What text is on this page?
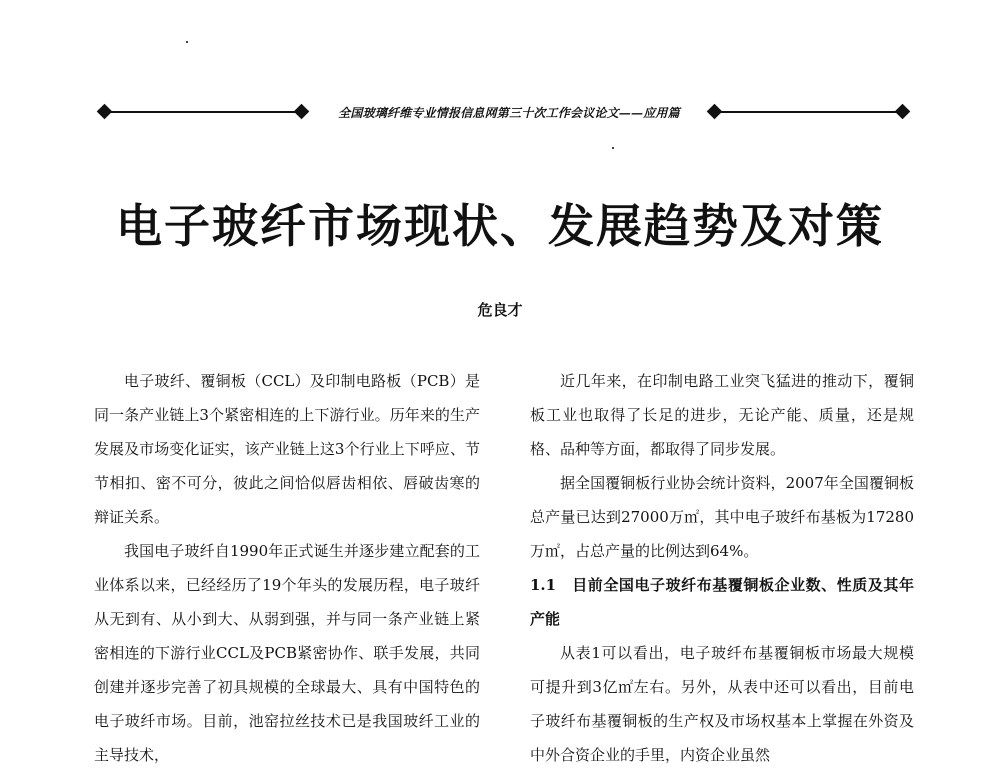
全国玻璃纤维专业情报信息网第三十次工作会议论文——应用篇
电子玻纤市场现状、发展趋势及对策
危良才

电子玻纤、覆铜板（CCL）及印制电路板（PCB）是同一条产业链上3个紧密相连的上下游行业。历年来的生产发展及市场变化证实，该产业链上这3个行业上下呼应、节节相扣、密不可分，彼此之间恰似唇齿相依、唇破齿寒的辩证关系。

我国电子玻纤自1990年正式诞生并逐步建立配套的工业体系以来，已经经历了19个年头的发展历程，电子玻纤从无到有、从小到大、从弱到强，并与同一条产业链上紧密相连的下游行业CCL及PCB紧密协作、联手发展，共同创建并逐步完善了初具规模的全球最大、具有中国特色的电子玻纤市场。目前，池窑拉丝技术已是我国玻纤工业的主导技术，

近几年来，在印制电路工业突飞猛进的推动下，覆铜板工业也取得了长足的进步，无论产能、质量，还是规格、品种等方面，都取得了同步发展。

据全国覆铜板行业协会统计资料，2007年全国覆铜板总产量已达到27000万㎡，其中电子玻纤布基板为17280万㎡，占总产量的比例达到64%。

1.1　目前全国电子玻纤布基覆铜板企业数、性质及其年产能

从表1可以看出，电子玻纤布基覆铜板市场最大规模可提升到3亿㎡左右。另外，从表中还可以看出，目前电子玻纤布基覆铜板的生产权及市场权基本上掌握在外资及中外合资企业的手里，内资企业虽然
